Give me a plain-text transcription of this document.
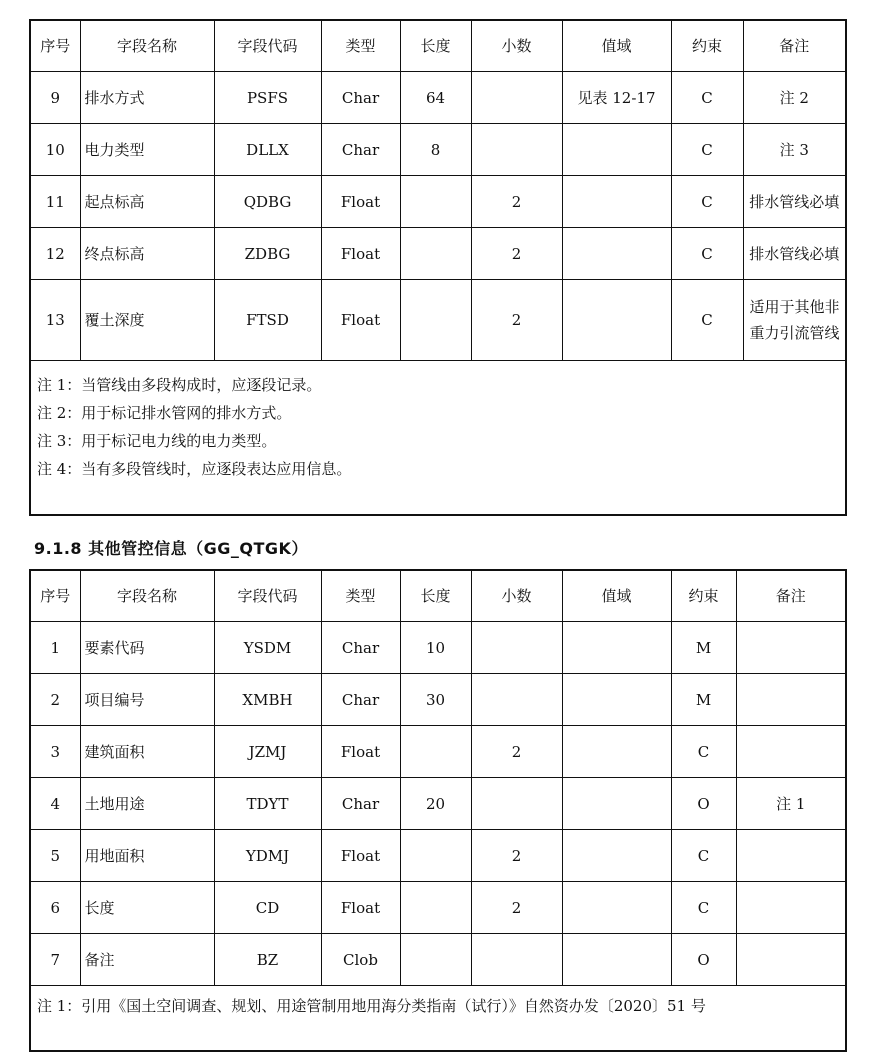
序号	字段名称	字段代码	类型	长度	小数	值域	约束	备注
9	排水方式	PSFS	Char	64		见表 12-17	C	注 2
10	电力类型	DLLX	Char	8			C	注 3
11	起点标高	QDBG	Float		2		C	排水管线必填
12	终点标高	ZDBG	Float		2		C	排水管线必填
13	覆土深度	FTSD	Float		2		C	适用于其他非
重力引流管线

注 1：当管线由多段构成时，应逐段记录。
注 2：用于标记排水管网的排水方式。
注 3：用于标记电力线的电力类型。
注 4：当有多段管线时，应逐段表达应用信息。								
9.1.8 其他管控信息（GG_QTGK）
序号	字段名称	字段代码	类型	长度	小数	值域	约束	备注
1	要素代码	YSDM	Char	10			M	
2	项目编号	XMBH	Char	30			M	
3	建筑面积	JZMJ	Float		2		C	
4	土地用途	TDYT	Char	20			O	注 1
5	用地面积	YDMJ	Float		2		C	
6	长度	CD	Float		2		C	
7	备注	BZ	Clob				O	

注 1：引用《国土空间调查、规划、用途管制用地用海分类指南（试行）》自然资办发〔2020〕51 号								
